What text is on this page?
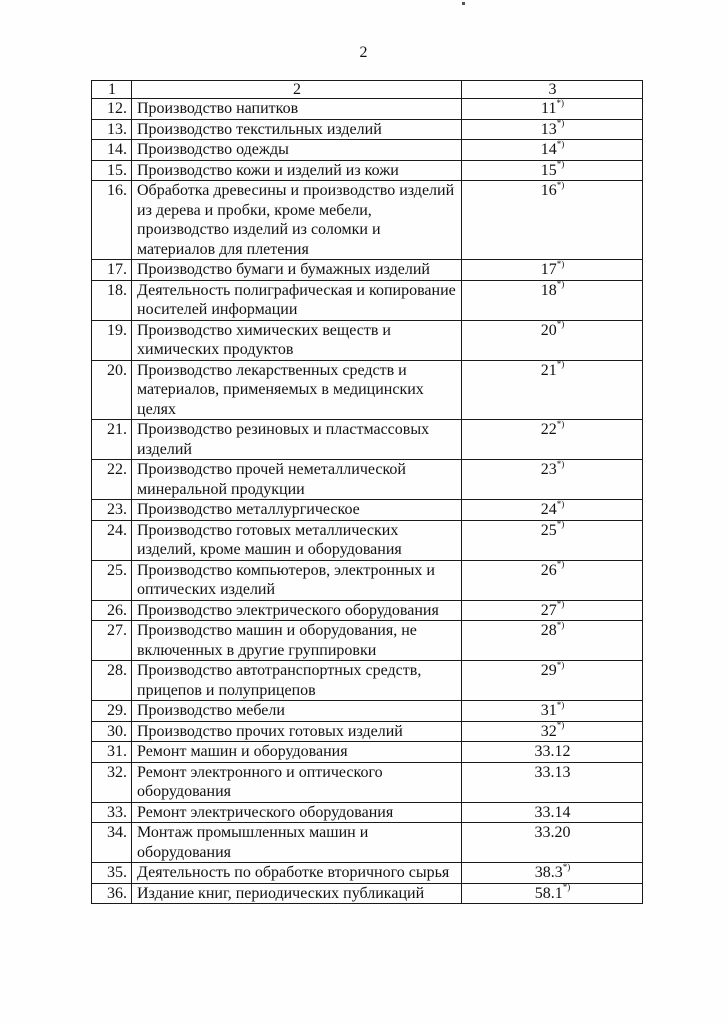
2
1	2	3
12.	Производство напитков	11*)
13.	Производство текстильных изделий	13*)
14.	Производство одежды	14*)
15.	Производство кожи и изделий из кожи	15*)
16.	Обработка древесины и производство изделий из дерева и пробки, кроме мебели, производство изделий из соломки и материалов для плетения	16*)
17.	Производство бумаги и бумажных изделий	17*)
18.	Деятельность полиграфическая и копирование носителей информации	18*)
19.	Производство химических веществ и химических продуктов	20*)
20.	Производство лекарственных средств и материалов, применяемых в медицинских целях	21*)
21.	Производство резиновых и пластмассовых изделий	22*)
22.	Производство прочей неметаллической минеральной продукции	23*)
23.	Производство металлургическое	24*)
24.	Производство готовых металлических изделий, кроме машин и оборудования	25*)
25.	Производство компьютеров, электронных и оптических изделий	26*)
26.	Производство электрического оборудования	27*)
27.	Производство машин и оборудования, не включенных в другие группировки	28*)
28.	Производство автотранспортных средств, прицепов и полуприцепов	29*)
29.	Производство мебели	31*)
30.	Производство прочих готовых изделий	32*)
31.	Ремонт машин и оборудования	33.12
32.	Ремонт электронного и оптического оборудования	33.13
33.	Ремонт электрического оборудования	33.14
34.	Монтаж промышленных машин и оборудования	33.20
35.	Деятельность по обработке вторичного сырья	38.3*)
36.	Издание книг, периодических публикаций	58.1*)
